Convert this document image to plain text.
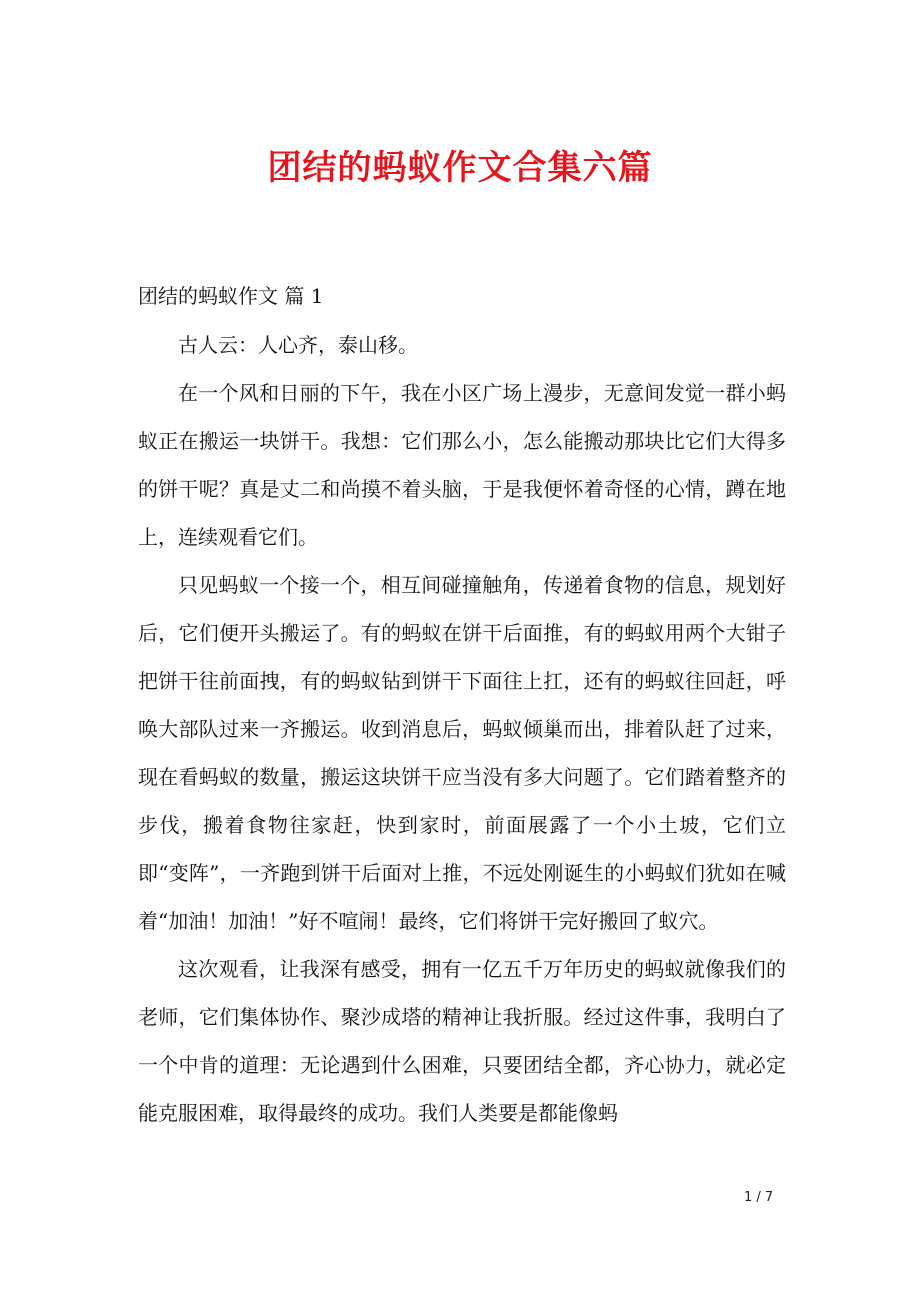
团结的蚂蚁作文合集六篇
团结的蚂蚁作文 篇 1

古人云：人心齐，泰山移。

在一个风和日丽的下午，我在小区广场上漫步，无意间发觉一群小蚂蚁正在搬运一块饼干。我想：它们那么小，怎么能搬动那块比它们大得多的饼干呢？真是丈二和尚摸不着头脑，于是我便怀着奇怪的心情，蹲在地上，连续观看它们。

只见蚂蚁一个接一个，相互间碰撞触角，传递着食物的信息，规划好后，它们便开头搬运了。有的蚂蚁在饼干后面推，有的蚂蚁用两个大钳子把饼干往前面拽，有的蚂蚁钻到饼干下面往上扛，还有的蚂蚁往回赶，呼唤大部队过来一齐搬运。收到消息后，蚂蚁倾巢而出，排着队赶了过来，现在看蚂蚁的数量，搬运这块饼干应当没有多大问题了。它们踏着整齐的步伐，搬着食物往家赶，快到家时，前面展露了一个小土坡，它们立即“变阵”，一齐跑到饼干后面对上推，不远处刚诞生的小蚂蚁们犹如在喊着“加油！加油！”好不喧闹！最终，它们将饼干完好搬回了蚁穴。

这次观看，让我深有感受，拥有一亿五千万年历史的蚂蚁就像我们的老师，它们集体协作、聚沙成塔的精神让我折服。经过这件事，我明白了一个中肯的道理：无论遇到什么困难，只要团结全都，齐心协力，就必定能克服困难，取得最终的成功。我们人类要是都能像蚂

1 / 7
